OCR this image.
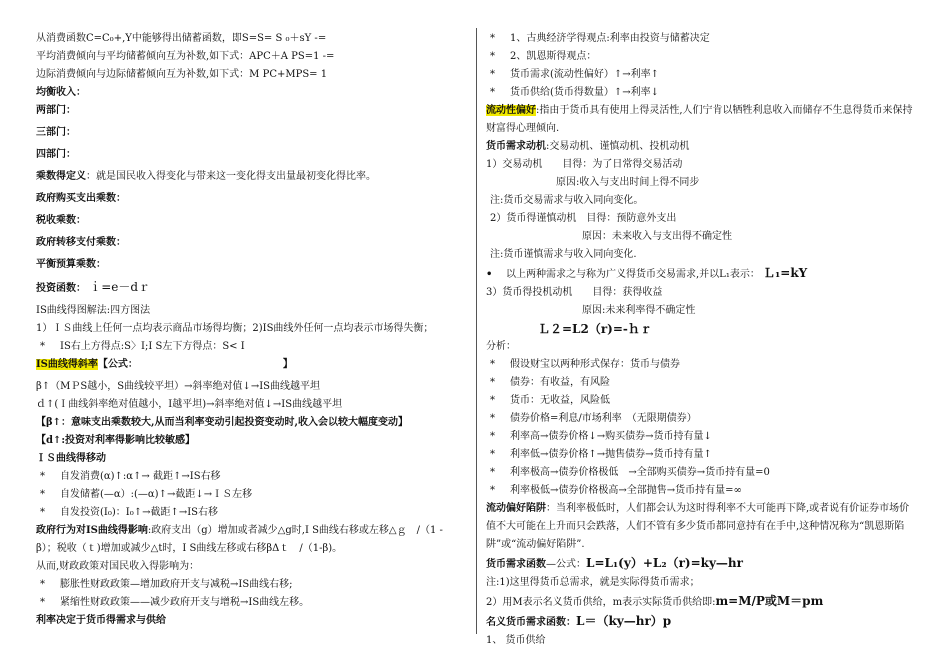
从消费函数C=C₀+,Y中能够得出储蓄函数，即S=S= S ₀＋sY -=
平均消费倾向与平均储蓄倾向互为补数,如下式：APC＋A PS=1 -=
边际消费倾向与边际储蓄倾向互为补数,如下式：M PC+MPS= 1
均衡收入：
两部门：
三部门：
四部门：
乘数得定义：就是国民收入得变化与带来这一变化得支出量最初变化得比率。
政府购买支出乘数：
税收乘数：
政府转移支付乘数：
平衡预算乘数：
投资函数： ｉ=e－dｒ
IS曲线得图解法:四方图法
1）ＩＳ曲线上任何一点均表示商品市场得均衡；2)IS曲线外任何一点均表示市场得失衡；
* IS右上方得点:S〉I;I S左下方得点：S< I
IS曲线得斜率【公式：	】
β↑（MＰS越小，S曲线较平坦）→斜率绝对值↓→IS曲线越平坦
ｄ↑(Ｉ曲线斜率绝对值越小，I越平坦)→斜率绝对值↓→IS曲线越平坦
【β↑：意味支出乘数较大,从而当利率变动引起投资变动时,收入会以较大幅度变动】
【d↑:投资对利率得影响比较敏感】
ＩＳ曲线得移动
* 自发消费(α)↑:α↑→ 截距↑→IS右移
* 自发储蓄(—α）:(—α)↑→截距↓→ＩＳ左移
* 自发投资(I₀)：I₀↑→截距↑→IS右移
政府行为对IS曲线得影响:政府支出（g）增加或者减少△g时,I S曲线右移或左移△ｇ　/（1 -
β）；税收（ｔ)增加或减少△t时，I S曲线左移或右移βΔｔ　/（1-β)。
从而,财政政策对国民收入得影响为：
* 膨胀性财政政策—增加政府开支与减税→IS曲线右移;
* 紧缩性财政政策——减少政府开支与增税→IS曲线左移。
利率决定于货币得需求与供给
* 1、古典经济学得观点:利率由投资与储蓄决定
* 2、凯恩斯得观点：
* 货币需求(流动性偏好）↑→利率↑
* 货币供给(货币得数量）↑→利率↓
流动性偏好:指由于货币具有使用上得灵活性,人们宁肯以牺牲利息收入而储存不生息得货币来保持财富得心理倾向.
货币需求动机:交易动机、谨慎动机、投机动机
1）交易动机　　目得：为了日常得交易活动
原因:收入与支出时间上得不同步
注:货币交易需求与收入同向变化。
2）货币得谨慎动机　目得：预防意外支出
原因：未来收入与支出得不确定性
注:货币谨慎需求与收入同向变化.
• 以上两种需求之与称为广义得货币交易需求,并以L₁表示： Ｌ₁=kY
3）货币得投机动机　　目得：获得收益
原因:未来利率得不确定性
Ｌ２=L2（r)=-ｈｒ
分析：
* 假设财宝以两种形式保存：货币与债券
* 债券：有收益，有风险
* 货币：无收益，风险低
* 债券价格=利息/市场利率　（无限期债券）
* 利率高→债券价格↓→购买债券→货币持有量↓
* 利率低→债券价格↑→抛售债券→货币持有量↑
* 利率极高→债券价格极低　→全部购买债券→货币持有量=0
* 利率极低→债券价格极高→全部抛售→货币持有量=∞
流动偏好陷阱：当利率极低时，人们都会认为这时得利率不大可能再下降,或者说有价证券市场价值不大可能在上升而只会跌落，人们不管有多少货币都同意持有在手中,这种情况称为“凯恩斯陷阱”或“流动偏好陷阱”.
货币需求函数—公式：L=L₁(y）+L₂（r)=ky—hr
注:1)这里得货币总需求，就是实际得货币需求；
2）用M表示名义货币供给，m表示实际货币供给即:m=M/P或M＝pm
名义货币需求函数：L＝（ky—hr）p
1、 货币供给
